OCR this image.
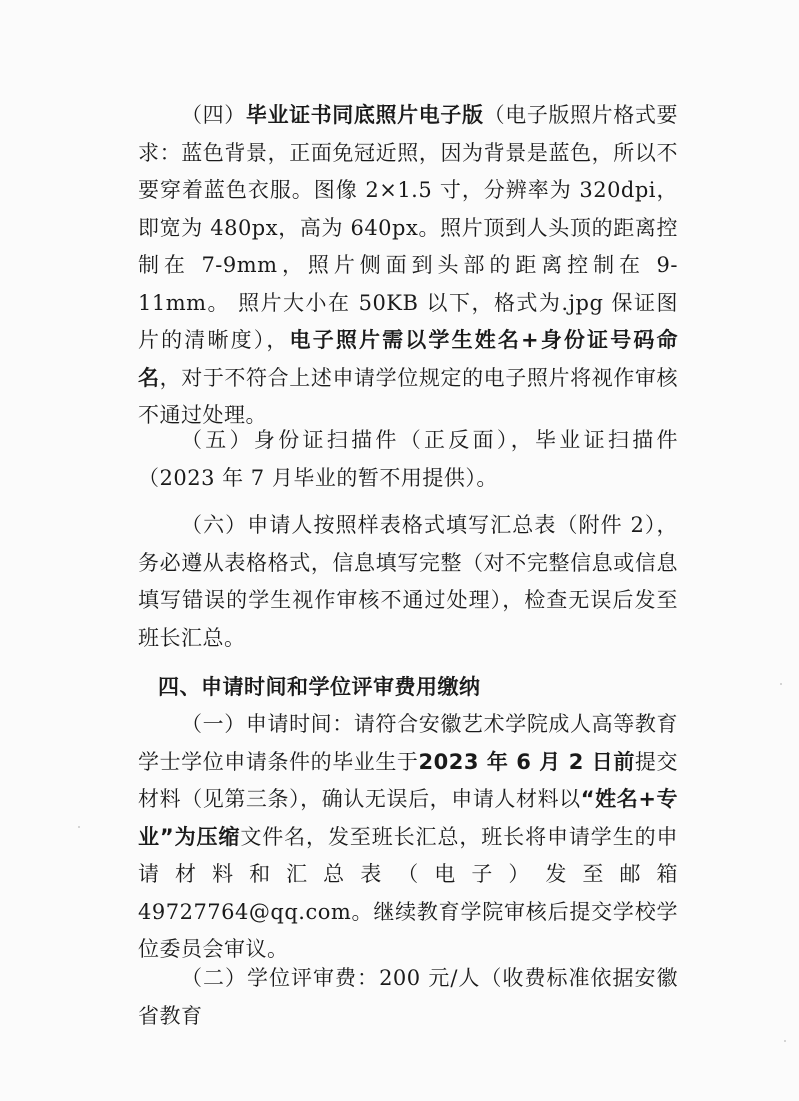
（四）毕业证书同底照片电子版（电子版照片格式要求：蓝色背景，正面免冠近照，因为背景是蓝色，所以不要穿着蓝色衣服。图像 2×1.5 寸，分辨率为 320dpi，即宽为 480px，高为 640px。照片顶到人头顶的距离控制在 7-9mm，照片侧面到头部的距离控制在 9-11mm。 照片大小在 50KB 以下，格式为.jpg 保证图片的清晰度），电子照片需以学生姓名+身份证号码命名，对于不符合上述申请学位规定的电子照片将视作审核不通过处理。

（五）身份证扫描件（正反面），毕业证扫描件（2023 年 7 月毕业的暂不用提供）。

（六）申请人按照样表格式填写汇总表（附件 2），务必遵从表格格式，信息填写完整（对不完整信息或信息填写错误的学生视作审核不通过处理），检查无误后发至班长汇总。

四、申请时间和学位评审费用缴纳

（一）申请时间：请符合安徽艺术学院成人高等教育学士学位申请条件的毕业生于2023 年 6 月 2 日前提交材料（见第三条），确认无误后，申请人材料以“姓名+专业”为压缩文件名，发至班长汇总，班长将申请学生的申请材料和汇总表（电子）发至邮箱 49727764@qq.com。继续教育学院审核后提交学校学位委员会审议。

（二）学位评审费：200 元/人（收费标准依据安徽省教育
